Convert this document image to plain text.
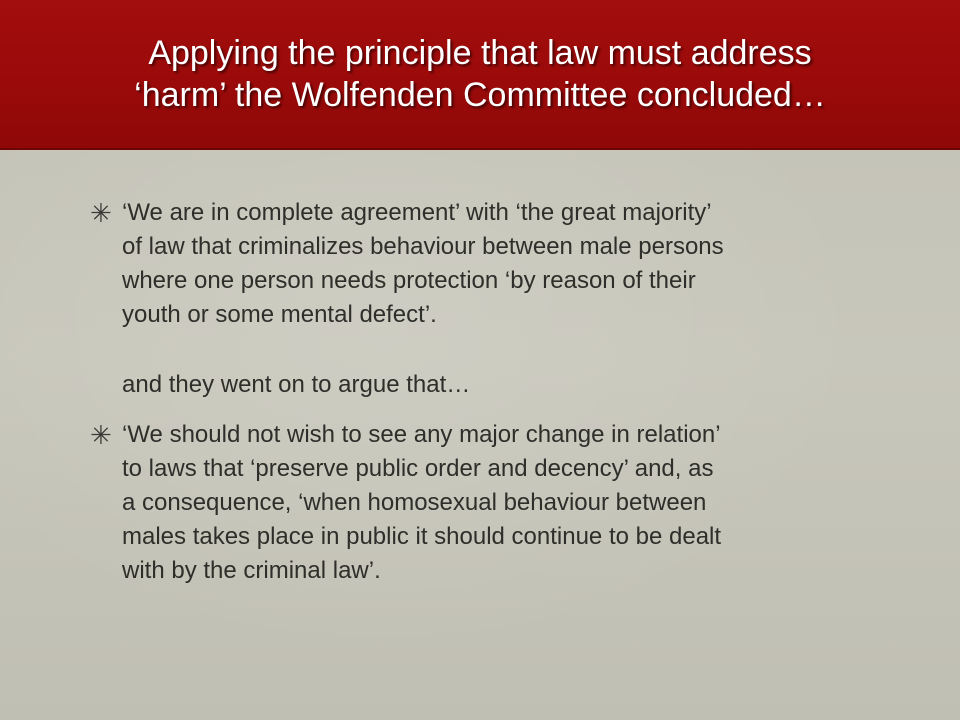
Applying the principle that law must address
‘harm’ the Wolfenden Committee concluded…
✳ ‘We are in complete agreement’ with ‘the great majority’
of law that criminalizes behaviour between male persons
where one person needs protection ‘by reason of their
youth or some mental defect’.
and they went on to argue that…
✳ ‘We should not wish to see any major change in relation’
to laws that ‘preserve public order and decency’ and, as
a consequence, ‘when homosexual behaviour between
males takes place in public it should continue to be dealt
with by the criminal law’.
